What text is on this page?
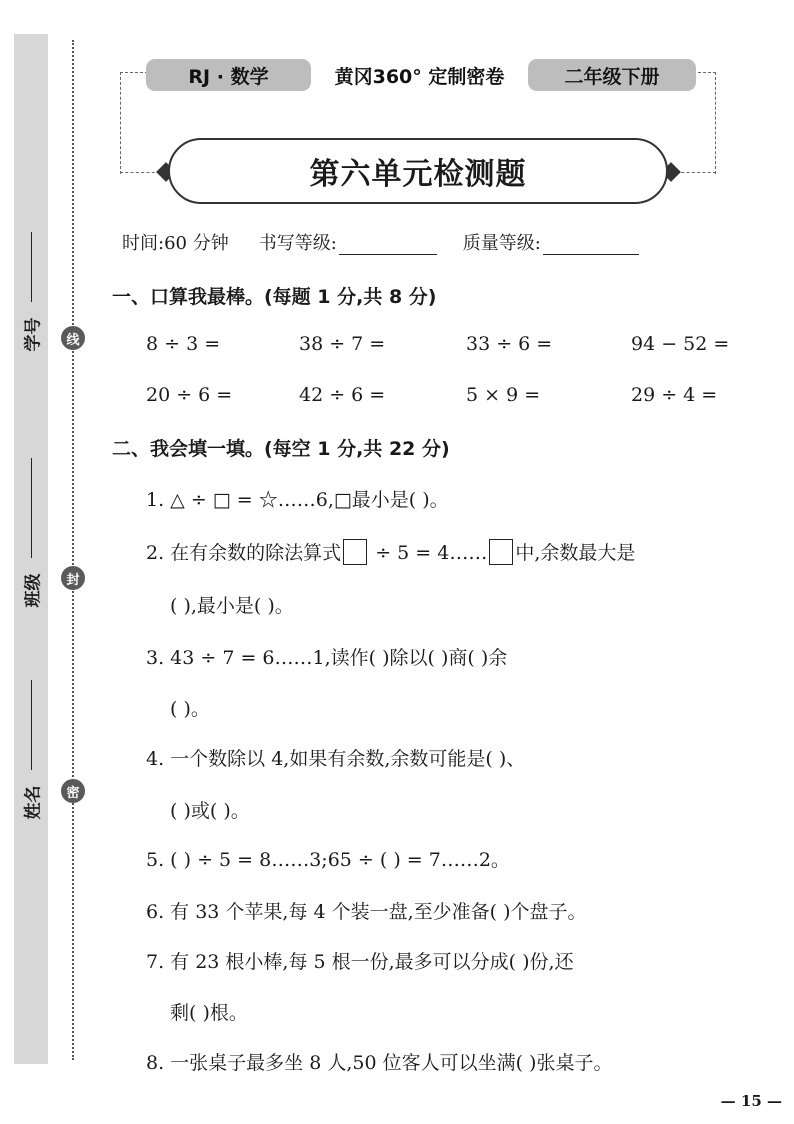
学号
班级
姓名
线
封
密
RJ · 数学	黄冈360° 定制密卷	二年级下册
第六单元检测题
时间:60 分钟 书写等级:	质量等级:
一、口算我最棒。(每题 1 分,共 8 分)
8 ÷ 3 =	38 ÷ 7 =	33 ÷ 6 =	94 − 52 =
20 ÷ 6 =	42 ÷ 6 =	5 × 9 =	29 ÷ 4 =
二、我会填一填。(每空 1 分,共 22 分)
1. △ ÷ □ = ☆……6,□最小是( )。
2. 在有余数的除法算式 ÷ 5 = 4…… 中,余数最大是
( ),最小是( )。
3. 43 ÷ 7 = 6……1,读作( )除以( )商( )余
( )。
4. 一个数除以 4,如果有余数,余数可能是( )、
( )或( )。
5. ( ) ÷ 5 = 8……3;65 ÷ ( ) = 7……2。
6. 有 33 个苹果,每 4 个装一盘,至少准备( )个盘子。
7. 有 23 根小棒,每 5 根一份,最多可以分成( )份,还
剩( )根。
8. 一张桌子最多坐 8 人,50 位客人可以坐满( )张桌子。
— 15 —
